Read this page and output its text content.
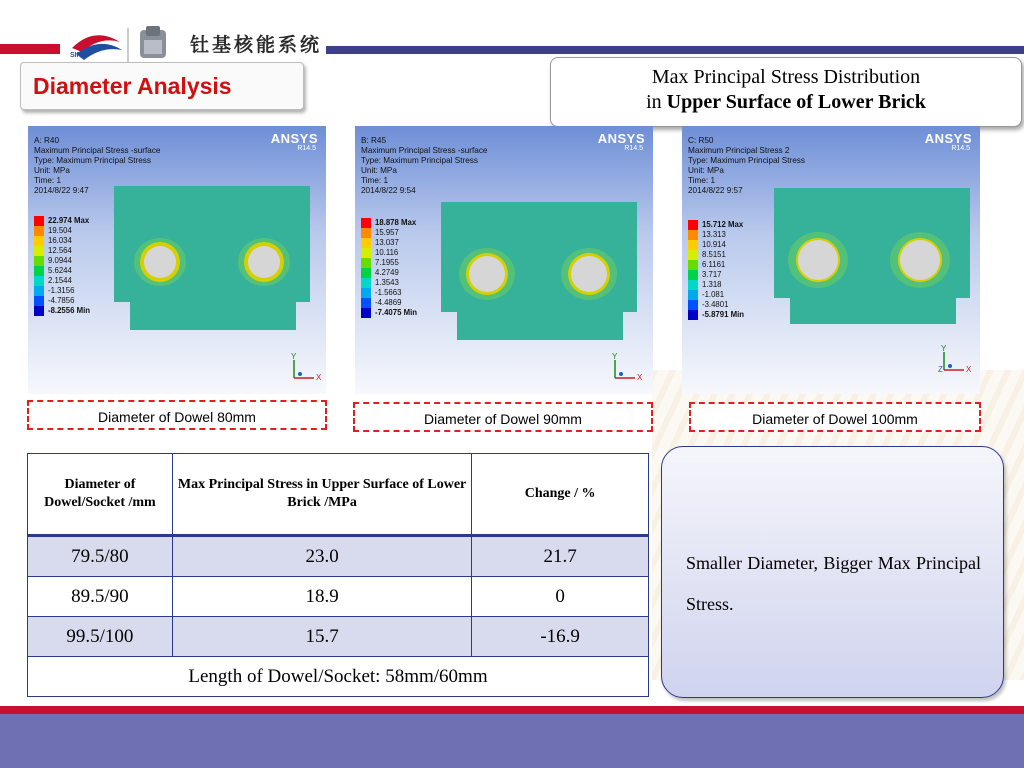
SINAP	钍基核能系统
Diameter Analysis	Max Principal Stress Distribution
in Upper Surface of Lower Brick
A: R40
Maximum Principal Stress -surface
Type: Maximum Principal Stress
Unit: MPa
Time: 1
2014/8/22 9:47
ANSYS
R14.5
22.974 Max
19.504
16.034
12.564
9.0944
5.6244
2.1544
-1.3156
-4.7856
-8.2556 Min
Y
X
Diameter of Dowel 80mm
B: R45
Maximum Principal Stress -surface
Type: Maximum Principal Stress
Unit: MPa
Time: 1
2014/8/22 9:54
ANSYS
R14.5
18.878 Max
15.957
13.037
10.116
7.1955
4.2749
1.3543
-1.5663
-4.4869
-7.4075 Min
Y
X
Diameter of Dowel 90mm
C: R50
Maximum Principal Stress 2
Type: Maximum Principal Stress
Unit: MPa
Time: 1
2014/8/22 9:57
ANSYS
R14.5
15.712 Max
13.313
10.914
8.5151
6.1161
3.717
1.318
-1.081
-3.4801
-5.8791 Min
Y
Z	X
Diameter of Dowel 100mm
Diameter of Dowel/Socket /mm	Max Principal Stress in Upper Surface of Lower Brick /MPa	Change / %
79.5/80	23.0	21.7
89.5/90	18.9	0
99.5/100	15.7	-16.9
Length of Dowel/Socket: 58mm/60mm		
Smaller Diameter, Bigger Max Principal Stress.
